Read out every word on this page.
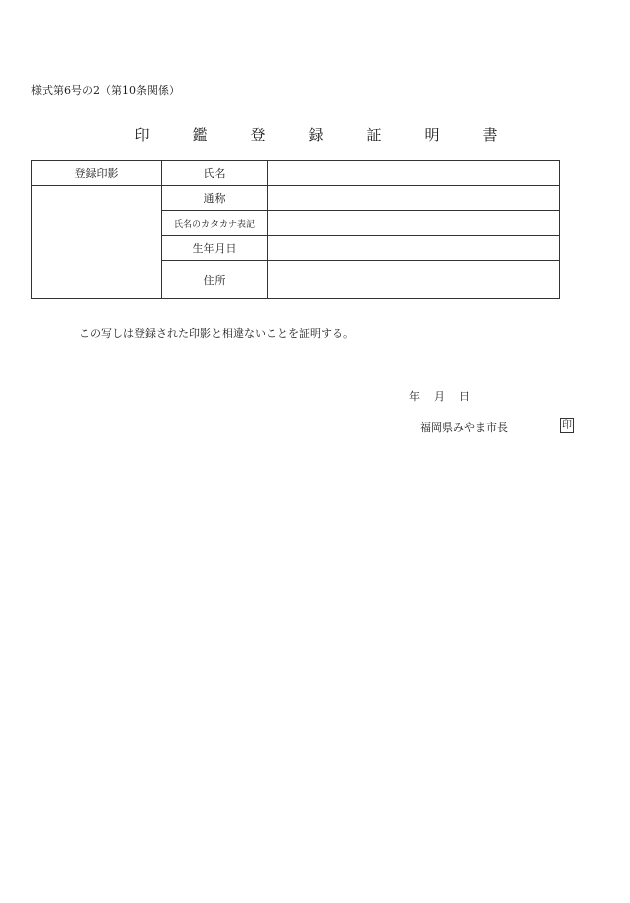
様式第6号の2（第10条関係）
印　鑑　登　録　証　明　書
登録印影	氏名	
	通称	
	氏名のカタカナ表記	
	生年月日	
	住所	
この写しは登録された印影と相違ないことを証明する。
年 月 日
福岡県みやま市長	印
